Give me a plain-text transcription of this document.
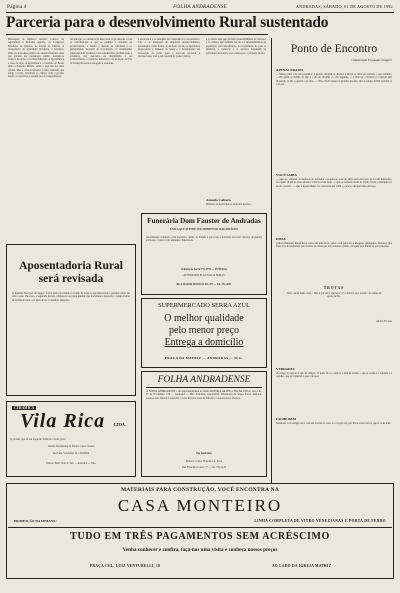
Página 4	FOLHA ANDRADENSE	ANDRADAS, SÁBADO, 01 DE AGOSTO DE 1992.
Parceria para o desenvolvimento Rural sustentado
Mensagem do Ministro Antonio Cabrera, da Agricultura e Reforma Agrária, ao Congresso Brasileiro de Direitos, de Jovens da Ciência. A recuperação da agricultura brasileira, a lutarmos, aliás por toda uma política de desenvolvimento rural que garanta aos produtores crédito, assistência técnica, pesquisa e a comercialização. A agricultura é a base de tudo. A agricultura é o caminho do Brasil rumo a Primeiro Mundo, sobre o qual não me resta dúvida. Mas a crise econômica é uma realidade que atinge a todos, sobretudo ao campo, onde é preciso mudar os conceitos e assumir novos compromissos.
Informação. A comunicação deve visar os produtores e com os trabalhadores e que se permita o aumento de produtividade, o direito à direção da cidadania e ao planejamento nacional do crescimento. O desempenho empresarial de produtos e dos trabalhadores profissionais, a eficiência dos mercados na distribuição e no abastecimento, a evolução industrial e de proteção através de formação técnica adequada à realidade.
e liveis rural e as emergências competitivas e cooperativas. Tais e os interesses de empresas desenvolvimento sustentados como forma de inclusão social. A agricultura proporciona o aumento da renda e o investimento em tecnologia de ponta para o mercado nacional e internacional, com a ação efetiva do poder público.
e produtor sem que produzi sustentabilidade de recursos e ao campo, que nenhum das de e a sustentabilidade da população, sem amortização, no crescimento do país. A indústria, o comércio e os serviços dependem da agricultura nacional e seus rumos para o próximo século.
Antonio Cabrera
Ministro da Agricultura e Reforma Agrária
Ponto de Encontro
Colaboração Fernando Cleopatri
APENAS FRASES
— Muita gente vive para respeitar, é quando chegam os direitos e abrem as mãos procurando o seu caminho. — Há quem se lembre do que é o dia de amanhã, e o dia seguinte. — Lindo ter o homem e o mundo sem liberdade, se não o que há a ser feito. — Não é fácil manter as grandes paradas, mas é sempre difícil ser feliz só com ela.
VOCÊ SABIA
— Que se computar os números de Andradas a população total de 1991 seria em torno de 23 mil habitantes, dos quais 14 mil na zona urbana e 9 mil na zona rural. — Que as estradas rurais da região foram construídas no século passado. — Que a Igreja Matriz foi construída em 1908 e a praça principal tinha um lago.
DISSE
(Albert Einstein) Penso nove vezes em uma hora, penso com palavras e imagens. (Raimundo Nabuco) Que Deus nos dê serenidade para aceitar as coisas que não podemos mudar, coragem para mudar as que podemos.
TROVAS
Dizer adeus nada custa, / Mas o que dói e machuca / É o silêncio que sucede / Ao adeus de quem partiu.
Adolfo Tavares
VERDADES
O castigo do ingrato é não ter amigos. O juízo não se compra e nem se vende; o que se vende é a vaidade e o orgulho, que se compram a preço de ouro.
FALHE BEM
Enfeitado você sempre será, com um sorriso no rosto e o coração em paz. Estás como nunca, que ri, tu és feliz.
Aposentadoria Rural será revisada
O Instituto Nacional do Seguro Social está procedendo à revisão de todas as aposentadorias e pensões rurais em todo o país. Para isso, o segurado deverá comparecer ao posto munido dos documentos pessoais e comprovantes de atividade rural, sob pena de ter o benefício suspenso.
CERÂMICA
Vila Rica LTDA.
O produto que dá seu toque de distinção e bom gosto!
Vendas diretamente da fábrica a seus clientes
Sua Vida, Vendendo: Sr. CIDINHA
Chácara Bela Vista, 1.º km — Andradas — MG.
Funerária Dom Fauster de Andradas
ÚNICA QUE ATENDE NOS MOMENTOS MAIS DIFÍCEIS
Atendimento completo, com translados dentro do Estado e para todo o território nacional. Serviço de plantão 24 horas e velório com ambiente climatizado.
Orientação Social 731-1770 — FUNERAL
ATENDEMOS PLANTÃO 24 HORAS
RUA MAJOR BONIFÁCIO, 397 — Tel. 731-2691
SUPERMERCADO SERRA AZUL
O melhor qualidade
pelo menor preço
Entrega a domicílio
PRAÇA DA MATRIZ — ANDRADAS — M.G.
FOLHA ANDRADENSE
A FOLHA ANDRADENSE é de responsabilidade da firma EDITORA GRÁFICA FOLHA LTDA., sito à Av. 07 de Novembro, 170 — Andradas — MG. Jornalista responsável: Wanderson de Souza Fortes. Redator: Carlos Leite. Diretor Comercial: Carlos Roberto Leite de Oliveira. Colaboradores diversos.
Em Andradas
Redator: Carlos Francisco A. Silva
Rua Francisco Lopes, 77 — Tel. 731-1120
MATERIAIS PARA CONSTRUÇÃO, VOCÊ ENCONTRA NA
CASA MONTEIRO
PROMOÇÃO DA SEMANA:	LINHA COMPLETA DE VITRO VENEZIANAS E PORTA DE FERRO
TUDO EM TRÊS PAGAMENTOS SEM ACRÉSCIMO
Venha conhecer e confira, faça-nos uma visita e conheça nossos preços
PRAÇA CEL. LUIZ VENTURELLI, 18	AO LADO DA IGREJA MATRIZ
